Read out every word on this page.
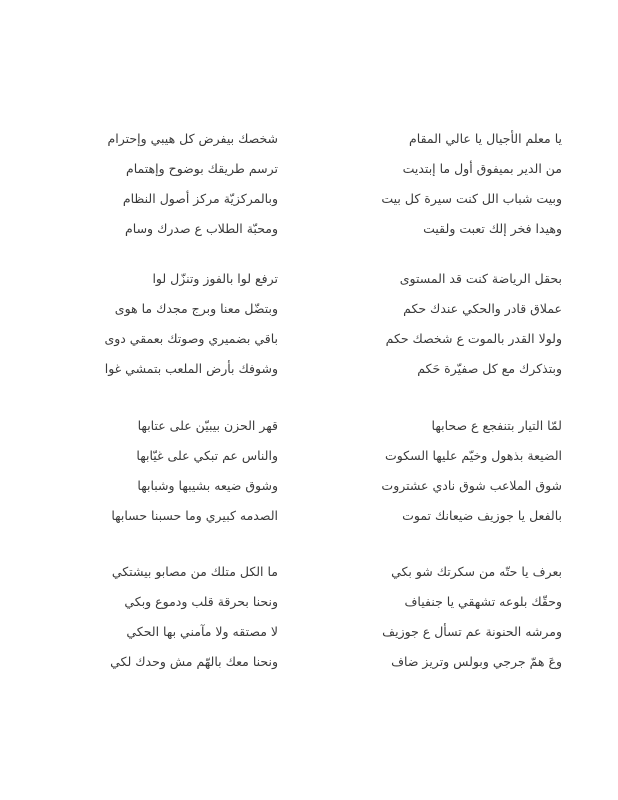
يا معلم الأجيال يا عالي المقام
من الدير بميفوق أول ما إبتديت
وبيت شباب الل كنت سيرة كل بيت
وهيدا فخر إلك تعبت ولقيت
شخصك بيفرض كل هيبي وإحترام
ترسم طريقك بوضوح وإهتمام
وبالمركزيّة مركز أصول النظام
ومحبّة الطلاب ع صدرك وسام
بحقل الرياضة كنت قد المستوى
عملاق قادر والحكي عندك حكم
ولولا القدر بالموت ع شخصك حكم
وبتذكرك مع كل صفيّرة حَكم
ترفع لوا بالفوز وتنزّل لوا
وبتضّل معنا وبرج مجدك ما هوى
باقي بضميري وصوتك بعمقي دوى
وشوفك بأرض الملعب بتمشي غوا
لمّا التيار بتنفجع ع صحابها
الضيعة بذهول وخيّم عليها السكوت
شوق الملاعب شوق نادي عشتروت
بالفعل يا جوزيف ضيعانك تموت
قهر الحزن بيبيّن على عتابها
والناس عم تبكي على غيّابها
وشوق ضيعه بشيبها وشبابها
الصدمه كبيري وما حسبنا حسابها
بعرف يا حتّه من سكرتك شو بكي
وحقّك بلوعه تشهقي يا جنفياف
ومرشه الحنونة عم تسأل ع جوزيف
وعَ همّ جرجي وبولس وتريز ضاف
ما الكل متلك من مصابو بيشتكي
ونحنا بحرقة قلب ودموع وبكي
لا مصتقه ولا مآمني بها الحكي
ونحنا معك بالهّم مش وحدك لكي
